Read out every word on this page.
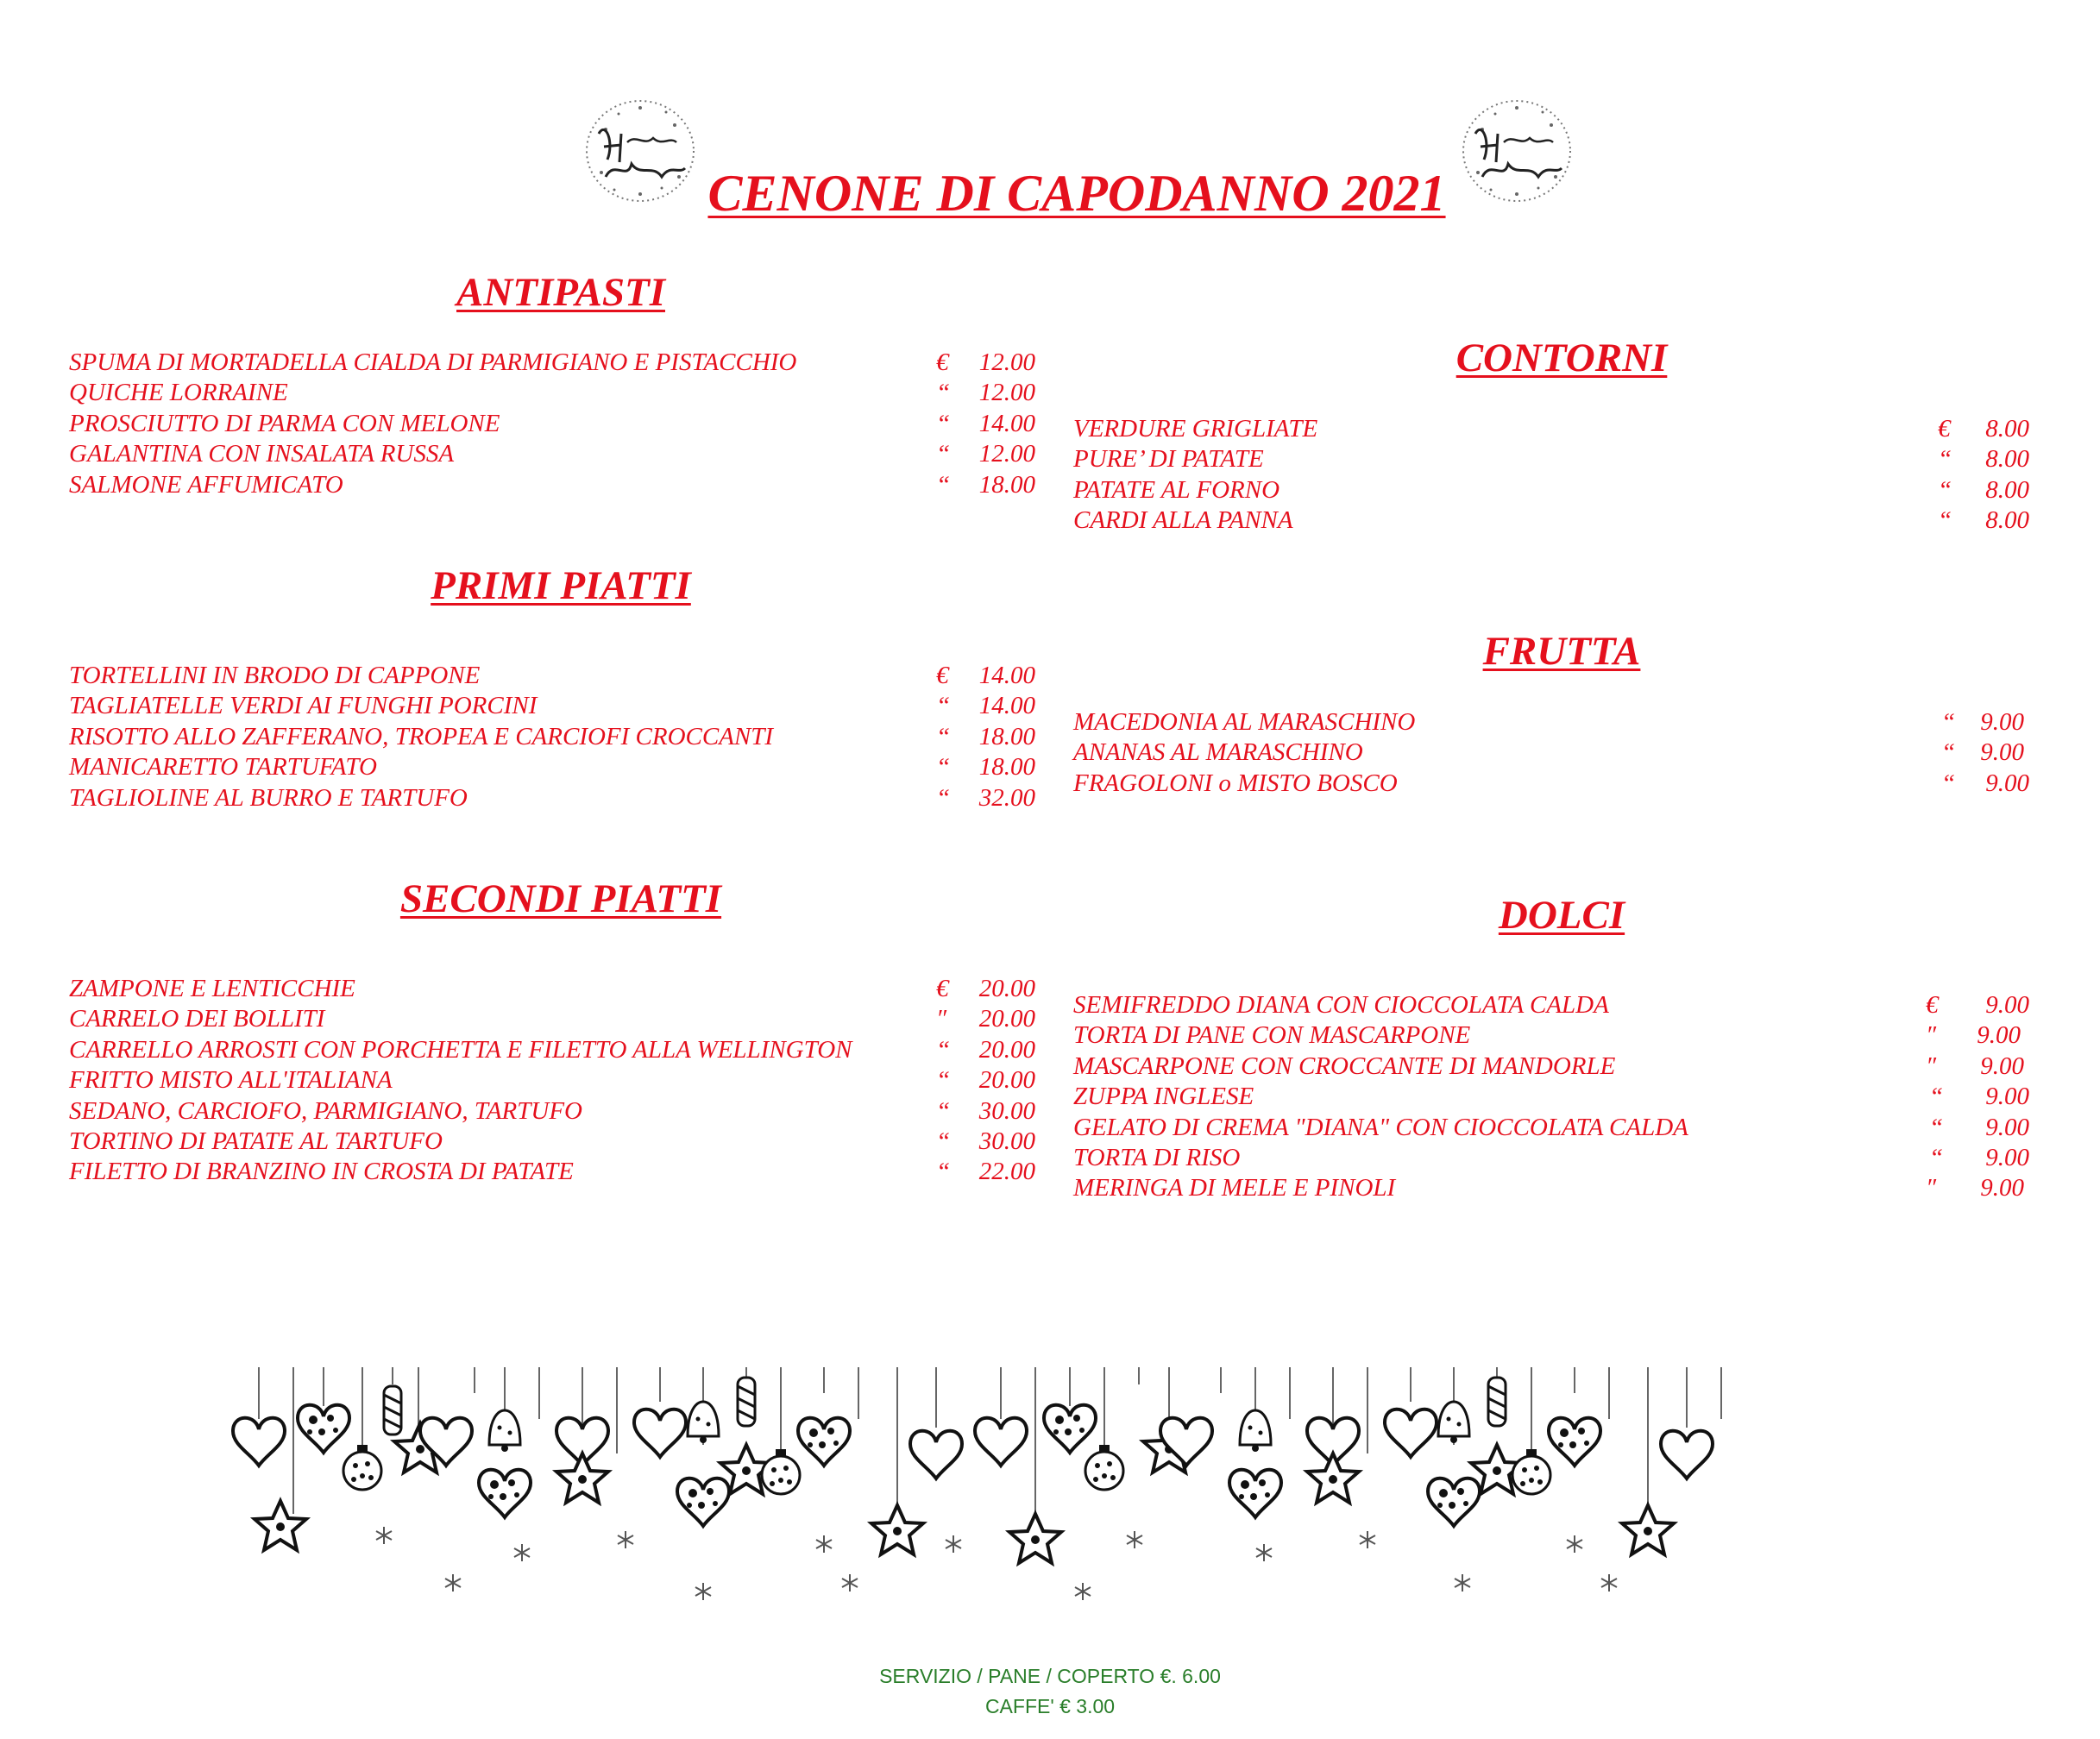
CENONE DI CAPODANNO 2021
ANTIPASTI
SPUMA DI MORTADELLA CIALDA DI PARMIGIANO E PISTACCHIO	€	12.00
QUICHE LORRAINE	“	12.00
PROSCIUTTO DI PARMA CON MELONE	“	14.00
GALANTINA CON INSALATA RUSSA	“	12.00
SALMONE AFFUMICATO	“	18.00
PRIMI PIATTI
TORTELLINI IN BRODO DI CAPPONE	€	14.00
TAGLIATELLE VERDI AI FUNGHI PORCINI	“	14.00
RISOTTO ALLO ZAFFERANO, TROPEA E CARCIOFI CROCCANTI	“	18.00
MANICARETTO TARTUFATO	“	18.00
TAGLIOLINE AL BURRO E TARTUFO	“	32.00
SECONDI PIATTI
ZAMPONE E LENTICCHIE	€	20.00
CARRELO DEI BOLLITI	″	20.00
CARRELLO ARROSTI CON PORCHETTA E FILETTO ALLA WELLINGTON	“	20.00
FRITTO MISTO ALL'ITALIANA	“	20.00
SEDANO, CARCIOFO, PARMIGIANO, TARTUFO	“	30.00
TORTINO DI PATATE AL TARTUFO	“	30.00
FILETTO DI BRANZINO IN CROSTA DI PATATE	“	22.00
CONTORNI
VERDURE GRIGLIATE	€	8.00
PURE’ DI PATATE	“	8.00
PATATE AL FORNO	“	8.00
CARDI ALLA PANNA	“	8.00
FRUTTA
MACEDONIA AL MARASCHINO	“	9.00
ANANAS AL MARASCHINO	“	9.00
FRAGOLONI o MISTO BOSCO	“	9.00
DOLCI
SEMIFREDDO DIANA CON CIOCCOLATA CALDA	€	9.00
TORTA DI PANE CON MASCARPONE	″	9.00
MASCARPONE CON CROCCANTE DI MANDORLE	″	9.00
ZUPPA INGLESE	“	9.00
GELATO DI CREMA "DIANA" CON CIOCCOLATA CALDA	“	9.00
TORTA DI RISO	“	9.00
MERINGA DI MELE E PINOLI	″	9.00
SERVIZIO / PANE / COPERTO €. 6.00
CAFFE' € 3.00
